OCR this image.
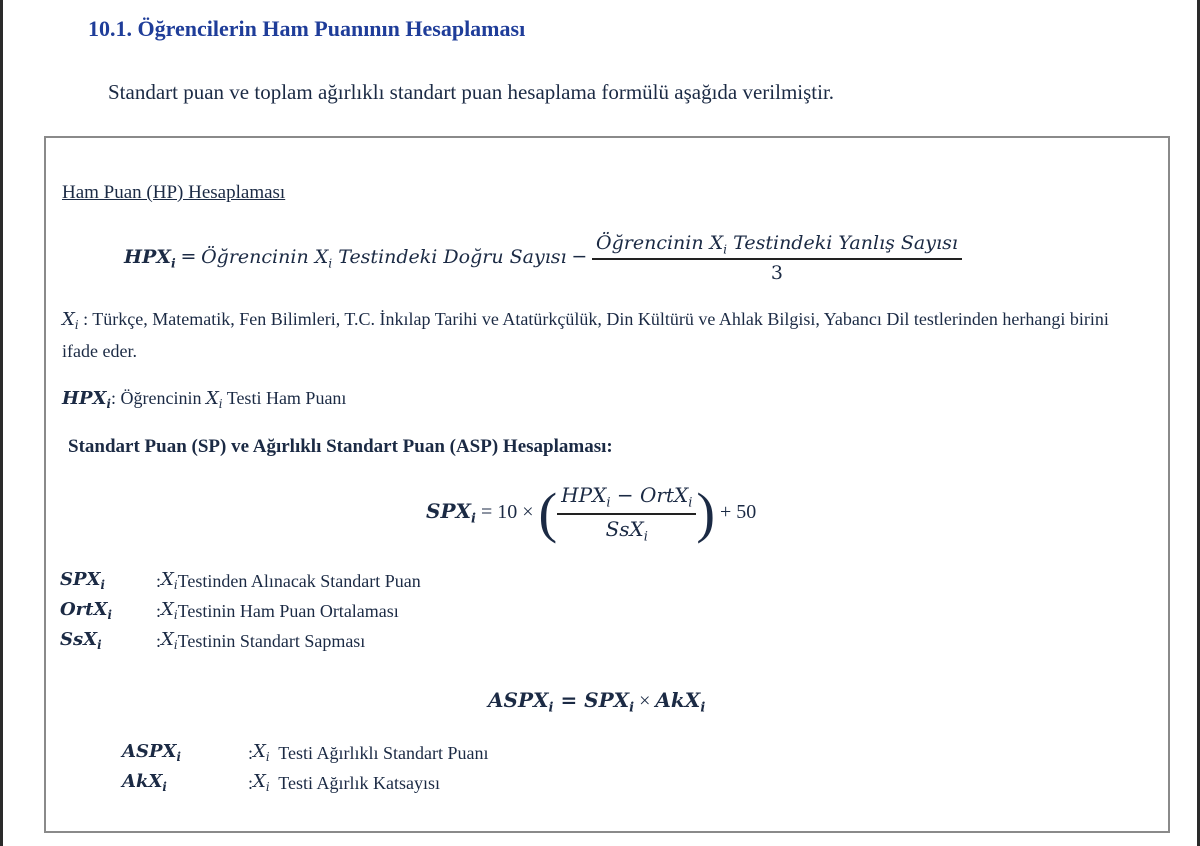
10.1. Öğrencilerin Ham Puanının Hesaplaması
Standart puan ve toplam ağırlıklı standart puan hesaplama formülü aşağıda verilmiştir.
Ham Puan (HP) Hesaplaması
$HPX_i$ = Öğrencinin $X_i$ Testindeki Doğru Sayısı − $\frac{Öğrencinin X_i Testindeki Yanlış Sayısı}{3}$
$X_i$ : Türkçe, Matematik, Fen Bilimleri, T.C. İnkılap Tarihi ve Atatürkçülük, Din Kültürü ve Ahlak Bilgisi, Yabancı Dil testlerinden herhangi birini ifade eder.
$HPX_i$: Öğrencinin $X_i$ Testi Ham Puanı
Standart Puan (SP) ve Ağırlıklı Standart Puan (ASP) Hesaplaması:
$SPX_i = 10$ × ( $\frac{HPX_i - OrtX_i}{SsX_i}$ ) + 50
$SPX_i$	: $X_i$ Testinden Alınacak Standart Puan
OrtX$_i$	: $X_i$ Testinin Ham Puan Ortalaması
SsX$_i$	: $X_i$ Testinin Standart Sapması
$ASPX_i = SPX_i \times AkX_i$
$ASPX_i$	: $X_i$ Testi Ağırlıklı Standart Puanı
AkX$_i$	: $X_i$ Testi Ağırlık Katsayısı
